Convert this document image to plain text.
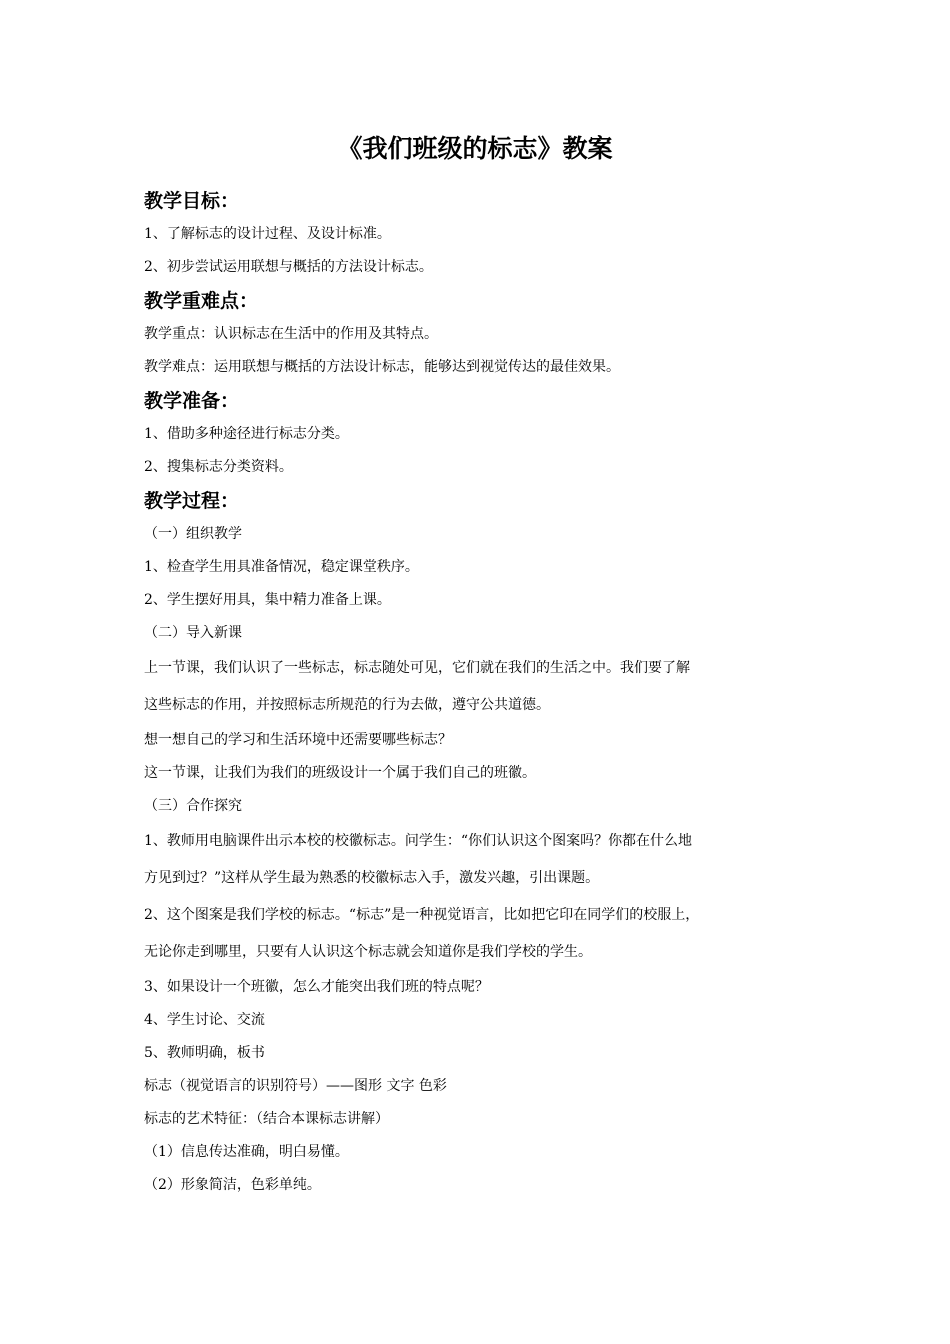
《我们班级的标志》教案
教学目标：

1、了解标志的设计过程、及设计标准。

2、初步尝试运用联想与概括的方法设计标志。

教学重难点：

教学重点：认识标志在生活中的作用及其特点。

教学难点：运用联想与概括的方法设计标志，能够达到视觉传达的最佳效果。

教学准备：

1、借助多种途径进行标志分类。

2、搜集标志分类资料。

教学过程：

（一）组织教学

1、检查学生用具准备情况，稳定课堂秩序。

2、学生摆好用具，集中精力准备上课。

（二）导入新课

上一节课，我们认识了一些标志，标志随处可见，它们就在我们的生活之中。我们要了解

这些标志的作用，并按照标志所规范的行为去做，遵守公共道德。

想一想自己的学习和生活环境中还需要哪些标志？

这一节课，让我们为我们的班级设计一个属于我们自己的班徽。

（三）合作探究

1、教师用电脑课件出示本校的校徽标志。问学生：“你们认识这个图案吗？你都在什么地

方见到过？”这样从学生最为熟悉的校徽标志入手，激发兴趣，引出课题。

2、这个图案是我们学校的标志。“标志”是一种视觉语言，比如把它印在同学们的校服上，

无论你走到哪里，只要有人认识这个标志就会知道你是我们学校的学生。

3、如果设计一个班徽，怎么才能突出我们班的特点呢？

4、学生讨论、交流

5、教师明确，板书

标志（视觉语言的识别符号）——图形 文字 色彩

标志的艺术特征：（结合本课标志讲解）

（1）信息传达准确，明白易懂。

（2）形象简洁，色彩单纯。
